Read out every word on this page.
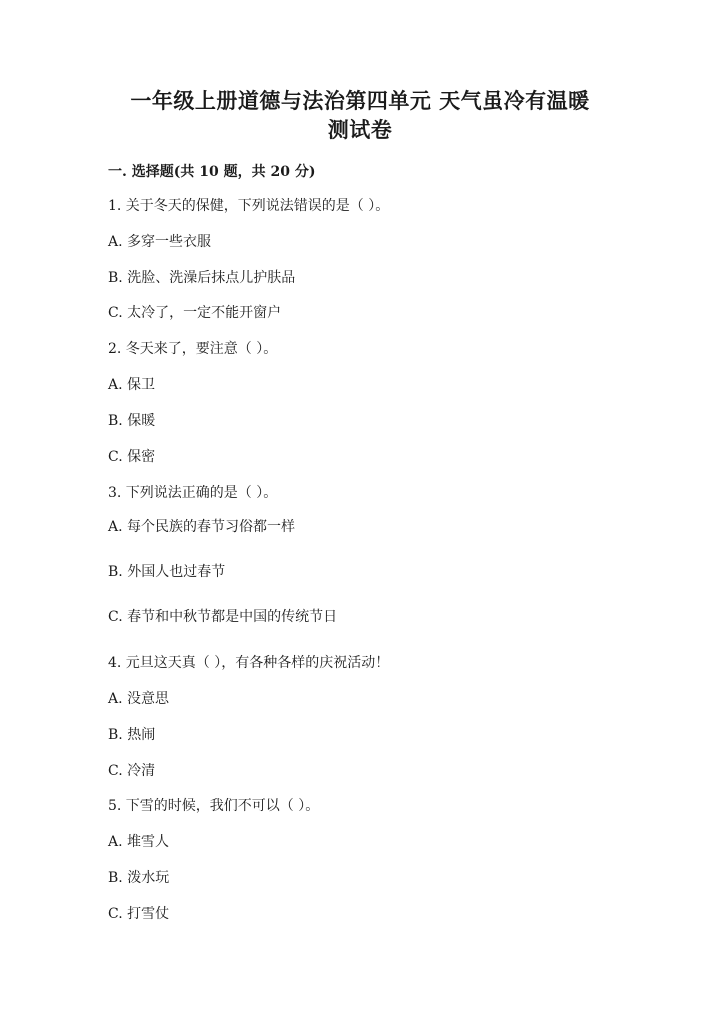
一年级上册道德与法治第四单元 天气虽冷有温暖
测试卷
一. 选择题(共 10 题，共 20 分)
1. 关于冬天的保健，下列说法错误的是（ ）。
A. 多穿一些衣服
B. 洗脸、洗澡后抹点儿护肤品
C. 太冷了，一定不能开窗户
2. 冬天来了，要注意（ ）。
A. 保卫
B. 保暖
C. 保密
3. 下列说法正确的是（ ）。
A. 每个民族的春节习俗都一样
B. 外国人也过春节
C. 春节和中秋节都是中国的传统节日
4. 元旦这天真（ ），有各种各样的庆祝活动！
A. 没意思
B. 热闹
C. 冷清
5. 下雪的时候，我们不可以（ ）。
A. 堆雪人
B. 泼水玩
C. 打雪仗
